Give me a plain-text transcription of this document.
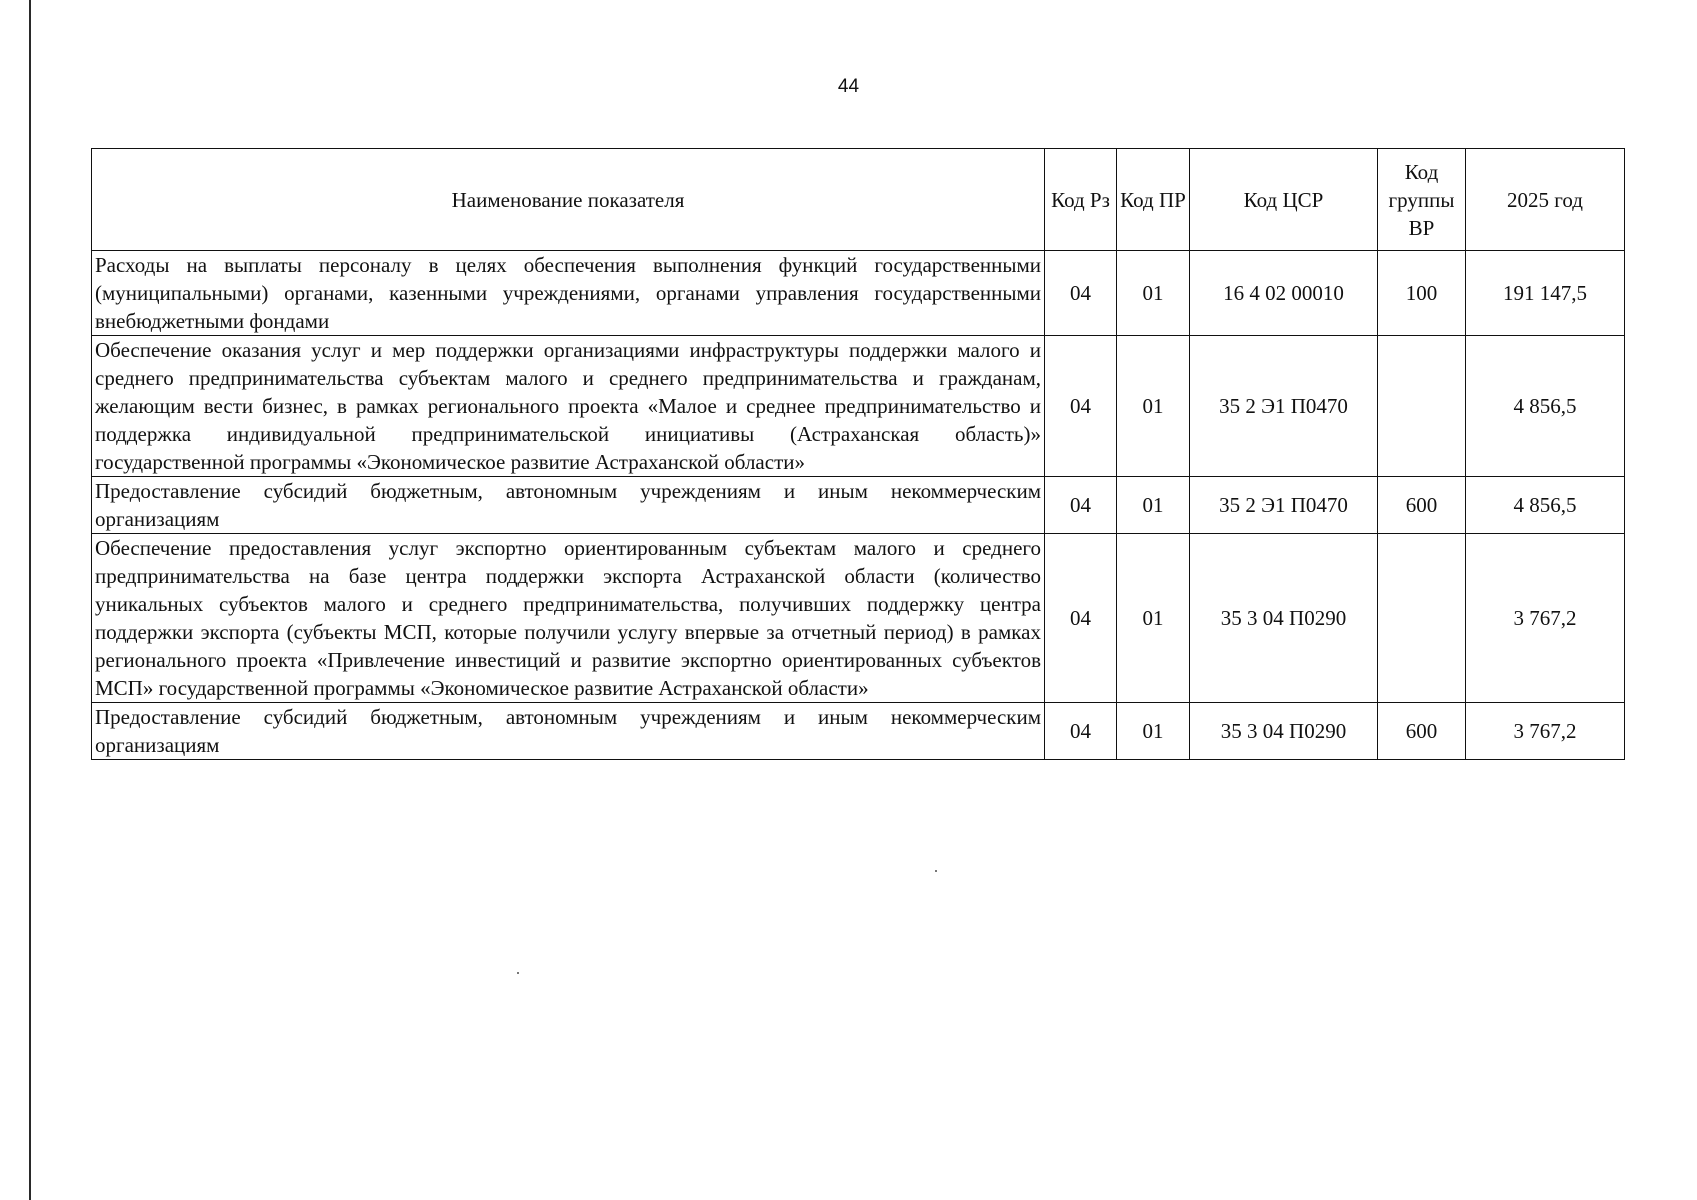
44
Наименование показателя	Код Рз	Код ПР	Код ЦСР	Код группы ВР	2025 год
Расходы на выплаты персоналу в целях обеспечения выполнения функций государственными (муниципальными) органами, казенными учреждениями, органами управления государственными внебюджетными фондами	04	01	16 4 02 00010	100	191 147,5
Обеспечение оказания услуг и мер поддержки организациями инфраструктуры поддержки малого и среднего предпринимательства субъектам малого и среднего предпринимательства и гражданам, желающим вести бизнес, в рамках регионального проекта «Малое и среднее предпринимательство и поддержка индивидуальной предпринимательской инициативы (Астраханская область)» государственной программы «Экономическое развитие Астраханской области»	04	01	35 2 Э1 П0470		4 856,5
Предоставление субсидий бюджетным, автономным учреждениям и иным некоммерческим организациям	04	01	35 2 Э1 П0470	600	4 856,5
Обеспечение предоставления услуг экспортно ориентированным субъектам малого и среднего предпринимательства на базе центра поддержки экспорта Астраханской области (количество уникальных субъектов малого и среднего предпринимательства, получивших поддержку центра поддержки экспорта (субъекты МСП, которые получили услугу впервые за отчетный период) в рамках регионального проекта «Привлечение инвестиций и развитие экспортно ориентированных субъектов МСП» государственной программы «Экономическое развитие Астраханской области»	04	01	35 3 04 П0290		3 767,2
Предоставление субсидий бюджетным, автономным учреждениям и иным некоммерческим организациям	04	01	35 3 04 П0290	600	3 767,2
